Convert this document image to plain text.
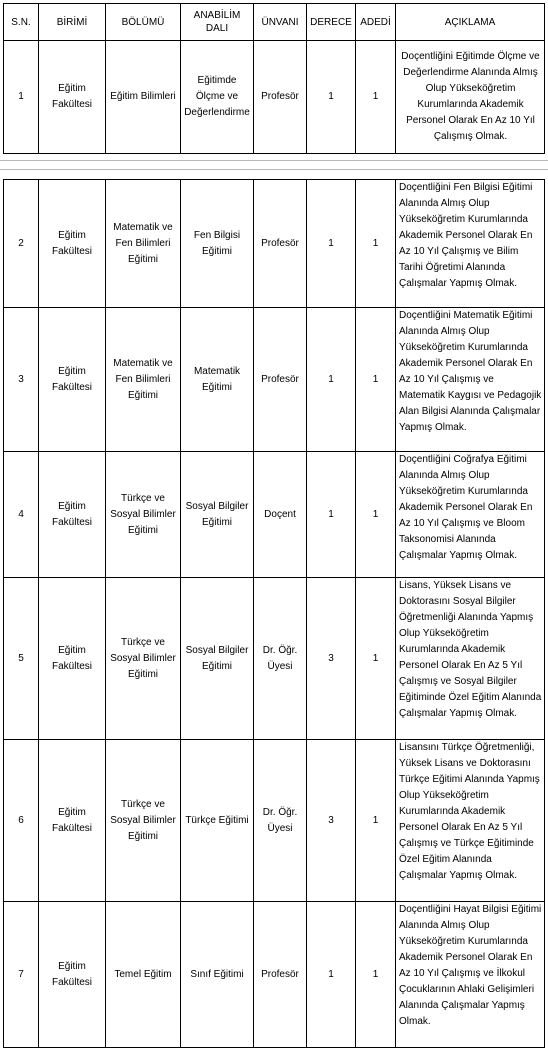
S.N.	BİRİMİ	BÖLÜMÜ	ANABİLİM DALI	ÜNVANI	DERECE	ADEDİ	AÇIKLAMA
1	Eğitim Fakültesi	Eğitim Bilimleri	Eğitimde Ölçme ve Değerlendirme	Profesör	1	1	Doçentliğini Eğitimde Ölçme ve Değerlendirme Alanında Almış Olup Yükseköğretim Kurumlarında Akademik Personel Olarak En Az 10 Yıl Çalışmış Olmak.
2	Eğitim Fakültesi	Matematik ve Fen Bilimleri Eğitimi	Fen Bilgisi Eğitimi	Profesör	1	1	Doçentliğini Fen Bilgisi Eğitimi Alanında Almış Olup Yükseköğretim Kurumlarında Akademik Personel Olarak En Az 10 Yıl Çalışmış ve Bilim Tarihi Öğretimi Alanında Çalışmalar Yapmış Olmak.
3	Eğitim Fakültesi	Matematik ve Fen Bilimleri Eğitimi	Matematik Eğitimi	Profesör	1	1	Doçentliğini Matematik Eğitimi Alanında Almış Olup Yükseköğretim Kurumlarında Akademik Personel Olarak En Az 10 Yıl Çalışmış ve Matematik Kaygısı ve Pedagojik Alan Bilgisi Alanında Çalışmalar Yapmış Olmak.
4	Eğitim Fakültesi	Türkçe ve Sosyal Bilimler Eğitimi	Sosyal Bilgiler Eğitimi	Doçent	1	1	Doçentliğini Coğrafya Eğitimi Alanında Almış Olup Yükseköğretim Kurumlarında Akademik Personel Olarak En Az 10 Yıl Çalışmış ve Bloom Taksonomisi Alanında Çalışmalar Yapmış Olmak.
5	Eğitim Fakültesi	Türkçe ve Sosyal Bilimler Eğitimi	Sosyal Bilgiler Eğitimi	Dr. Öğr. Üyesi	3	1	Lisans, Yüksek Lisans ve Doktorasını Sosyal Bilgiler Öğretmenliği Alanında Yapmış Olup Yükseköğretim Kurumlarında Akademik Personel Olarak En Az 5 Yıl Çalışmış ve Sosyal Bilgiler Eğitiminde Özel Eğitim Alanında Çalışmalar Yapmış Olmak.
6	Eğitim Fakültesi	Türkçe ve Sosyal Bilimler Eğitimi	Türkçe Eğitimi	Dr. Öğr. Üyesi	3	1	Lisansını Türkçe Öğretmenliği, Yüksek Lisans ve Doktorasını Türkçe Eğitimi Alanında Yapmış Olup Yükseköğretim Kurumlarında Akademik Personel Olarak En Az 5 Yıl Çalışmış ve Türkçe Eğitiminde Özel Eğitim Alanında Çalışmalar Yapmış Olmak.
7	Eğitim Fakültesi	Temel Eğitim	Sınıf Eğitimi	Profesör	1	1	Doçentliğini Hayat Bilgisi Eğitimi Alanında Almış Olup Yükseköğretim Kurumlarında Akademik Personel Olarak En Az 10 Yıl Çalışmış ve İlkokul Çocuklarının Ahlaki Gelişimleri Alanında Çalışmalar Yapmış Olmak.
